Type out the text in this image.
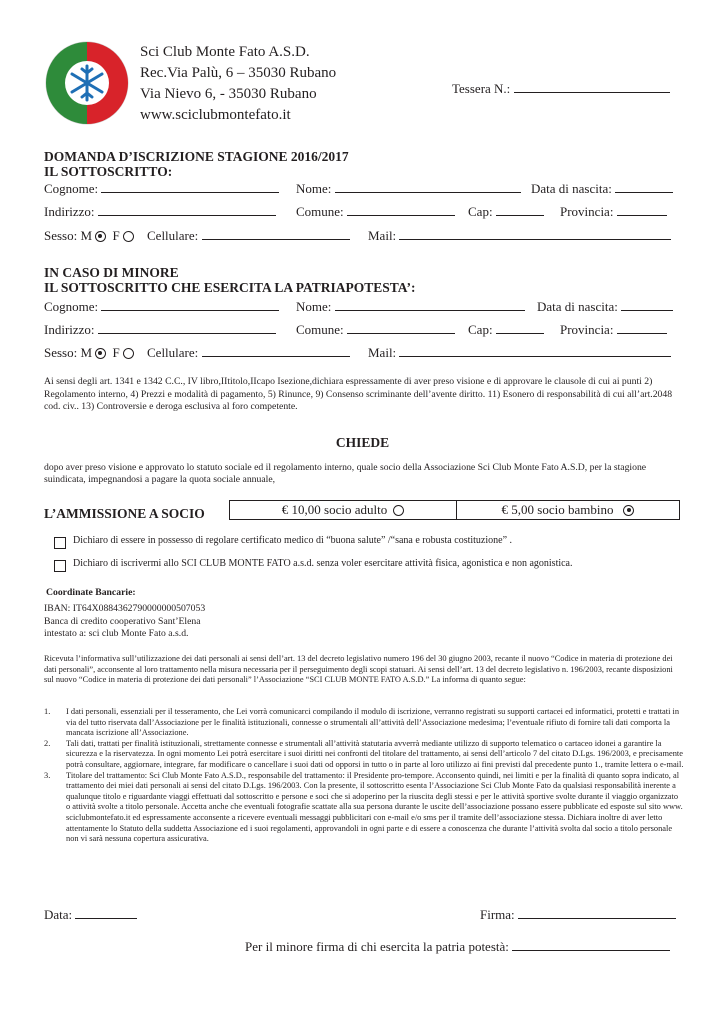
Sci Club Monte Fato A.S.D.
Rec.Via Palù, 6 – 35030 Rubano
Via Nievo 6, - 35030 Rubano
www.sciclubmontefato.it
Tessera N.:
DOMANDA D’ISCRIZIONE STAGIONE 2016/2017
IL SOTTOSCRITTO:
Cognome:	Nome:	Data di nascita:
Indirizzo:	Comune:	Cap:	Provincia:
Sesso: M F	Cellulare:	Mail:
IN CASO DI MINORE
IL SOTTOSCRITTO CHE ESERCITA LA PATRIAPOTESTA’:
Cognome:	Nome:	Data di nascita:
Indirizzo:	Comune:	Cap:	Provincia:
Sesso: M F	Cellulare:	Mail:
Ai sensi degli art. 1341 e 1342 C.C., IV libro,IItitolo,IIcapo Isezione,dichiara espressamente di aver preso visione e di approvare le clausole di cui ai punti 2) Regolamento interno, 4) Prezzi e modalità di pagamento, 5) Rinunce, 9) Consenso scriminante dell’avente diritto. 11) Esonero di responsabilità di cui all’art.2048 cod. civ.. 13) Controversie e deroga esclusiva al foro competente.
CHIEDE
dopo aver preso visione e approvato lo statuto sociale ed il regolamento interno, quale socio della Associazione Sci Club Monte Fato A.S.D, per la stagione suindicata, impegnandosi a pagare la quota sociale annuale,
L’AMMISSIONE A SOCIO	€ 10,00 socio adulto	€ 5,00 socio bambino
Dichiaro di essere in possesso di regolare certificato medico di “buona salute” /“sana e robusta costituzione” .
Dichiaro di iscrivermi allo SCI CLUB MONTE FATO a.s.d. senza voler esercitare attività fisica, agonistica e non agonistica.
Coordinate Bancarie:
IBAN: IT64X0884362790000000507053
Banca di credito cooperativo Sant’Elena
intestato a: sci club Monte Fato a.s.d.
Ricevuta l’informativa sull’utilizzazione dei dati personali ai sensi dell’art. 13 del decreto legislativo numero 196 del 30 giugno 2003, recante il nuovo “Codice in materia di protezione dei dati personali”, acconsente al loro trattamento nella misura necessaria per il perseguimento degli scopi statuari. Ai sensi dell’art. 13 del decreto legislativo n. 196/2003, recante disposizioni sul nuovo “Codice in materia di protezione dei dati personali” l’Associazione “SCI CLUB MONTE FATO A.S.D.” La informa di quanto segue:
1.	I dati personali, essenziali per il tesseramento, che Lei vorrà comunicarci compilando il modulo di iscrizione, verranno registrati su supporti cartacei ed informatici, protetti e trattati in via del tutto riservata dall’Associazione per le finalità istituzionali, connesse o strumentali all’attività dell’Associazione medesima; l’eventuale rifiuto di fornire tali dati comporta la mancata iscrizione all’Associazione.
2.	Tali dati, trattati per finalità istituzionali, strettamente connesse e strumentali all’attività statutaria avverrà mediante utilizzo di supporto telematico o cartaceo idonei a garantire la sicurezza e la riservatezza. In ogni momento Lei potrà esercitare i suoi diritti nei confronti del titolare del trattamento, ai sensi dell’articolo 7 del citato D.Lgs. 196/2003, e precisamente potrà consultare, aggiornare, integrare, far modificare o cancellare i suoi dati od opporsi in tutto o in parte al loro utilizzo ai fini previsti dal precedente punto 1., tramite lettera o e-mail.
3.	Titolare del trattamento: Sci Club Monte Fato A.S.D., responsabile del trattamento: il Presidente pro-tempore. Acconsento quindi, nei limiti e per la finalità di quanto sopra indicato, al trattamento dei miei dati personali ai sensi del citato D.Lgs. 196/2003. Con la presente, il sottoscritto esenta l’Associazione Sci Club Monte Fato da qualsiasi responsabilità inerente a qualunque titolo e riguardante viaggi effettuati dal sottoscritto e persone e soci che si adoperino per la riuscita degli stessi e per le attività sportive svolte durante il viaggio organizzato o attività svolte a titolo personale. Accetta anche che eventuali fotografie scattate alla sua persona durante le uscite dell’associazione possano essere pubblicate ed esposte sul sito www. sciclubmontefato.it ed espressamente acconsente a ricevere eventuali messaggi pubblicitari con e-mail e/o sms per il tramite dell’associazione stessa. Dichiara inoltre di aver letto attentamente lo Statuto della suddetta Associazione ed i suoi regolamenti, approvandoli in ogni parte e di essere a conoscenza che durante l’attività svolta dal socio a titolo personale non vi sarà nessuna copertura assicurativa.
Data:	Firma:
Per il minore firma di chi esercita la patria potestà:
